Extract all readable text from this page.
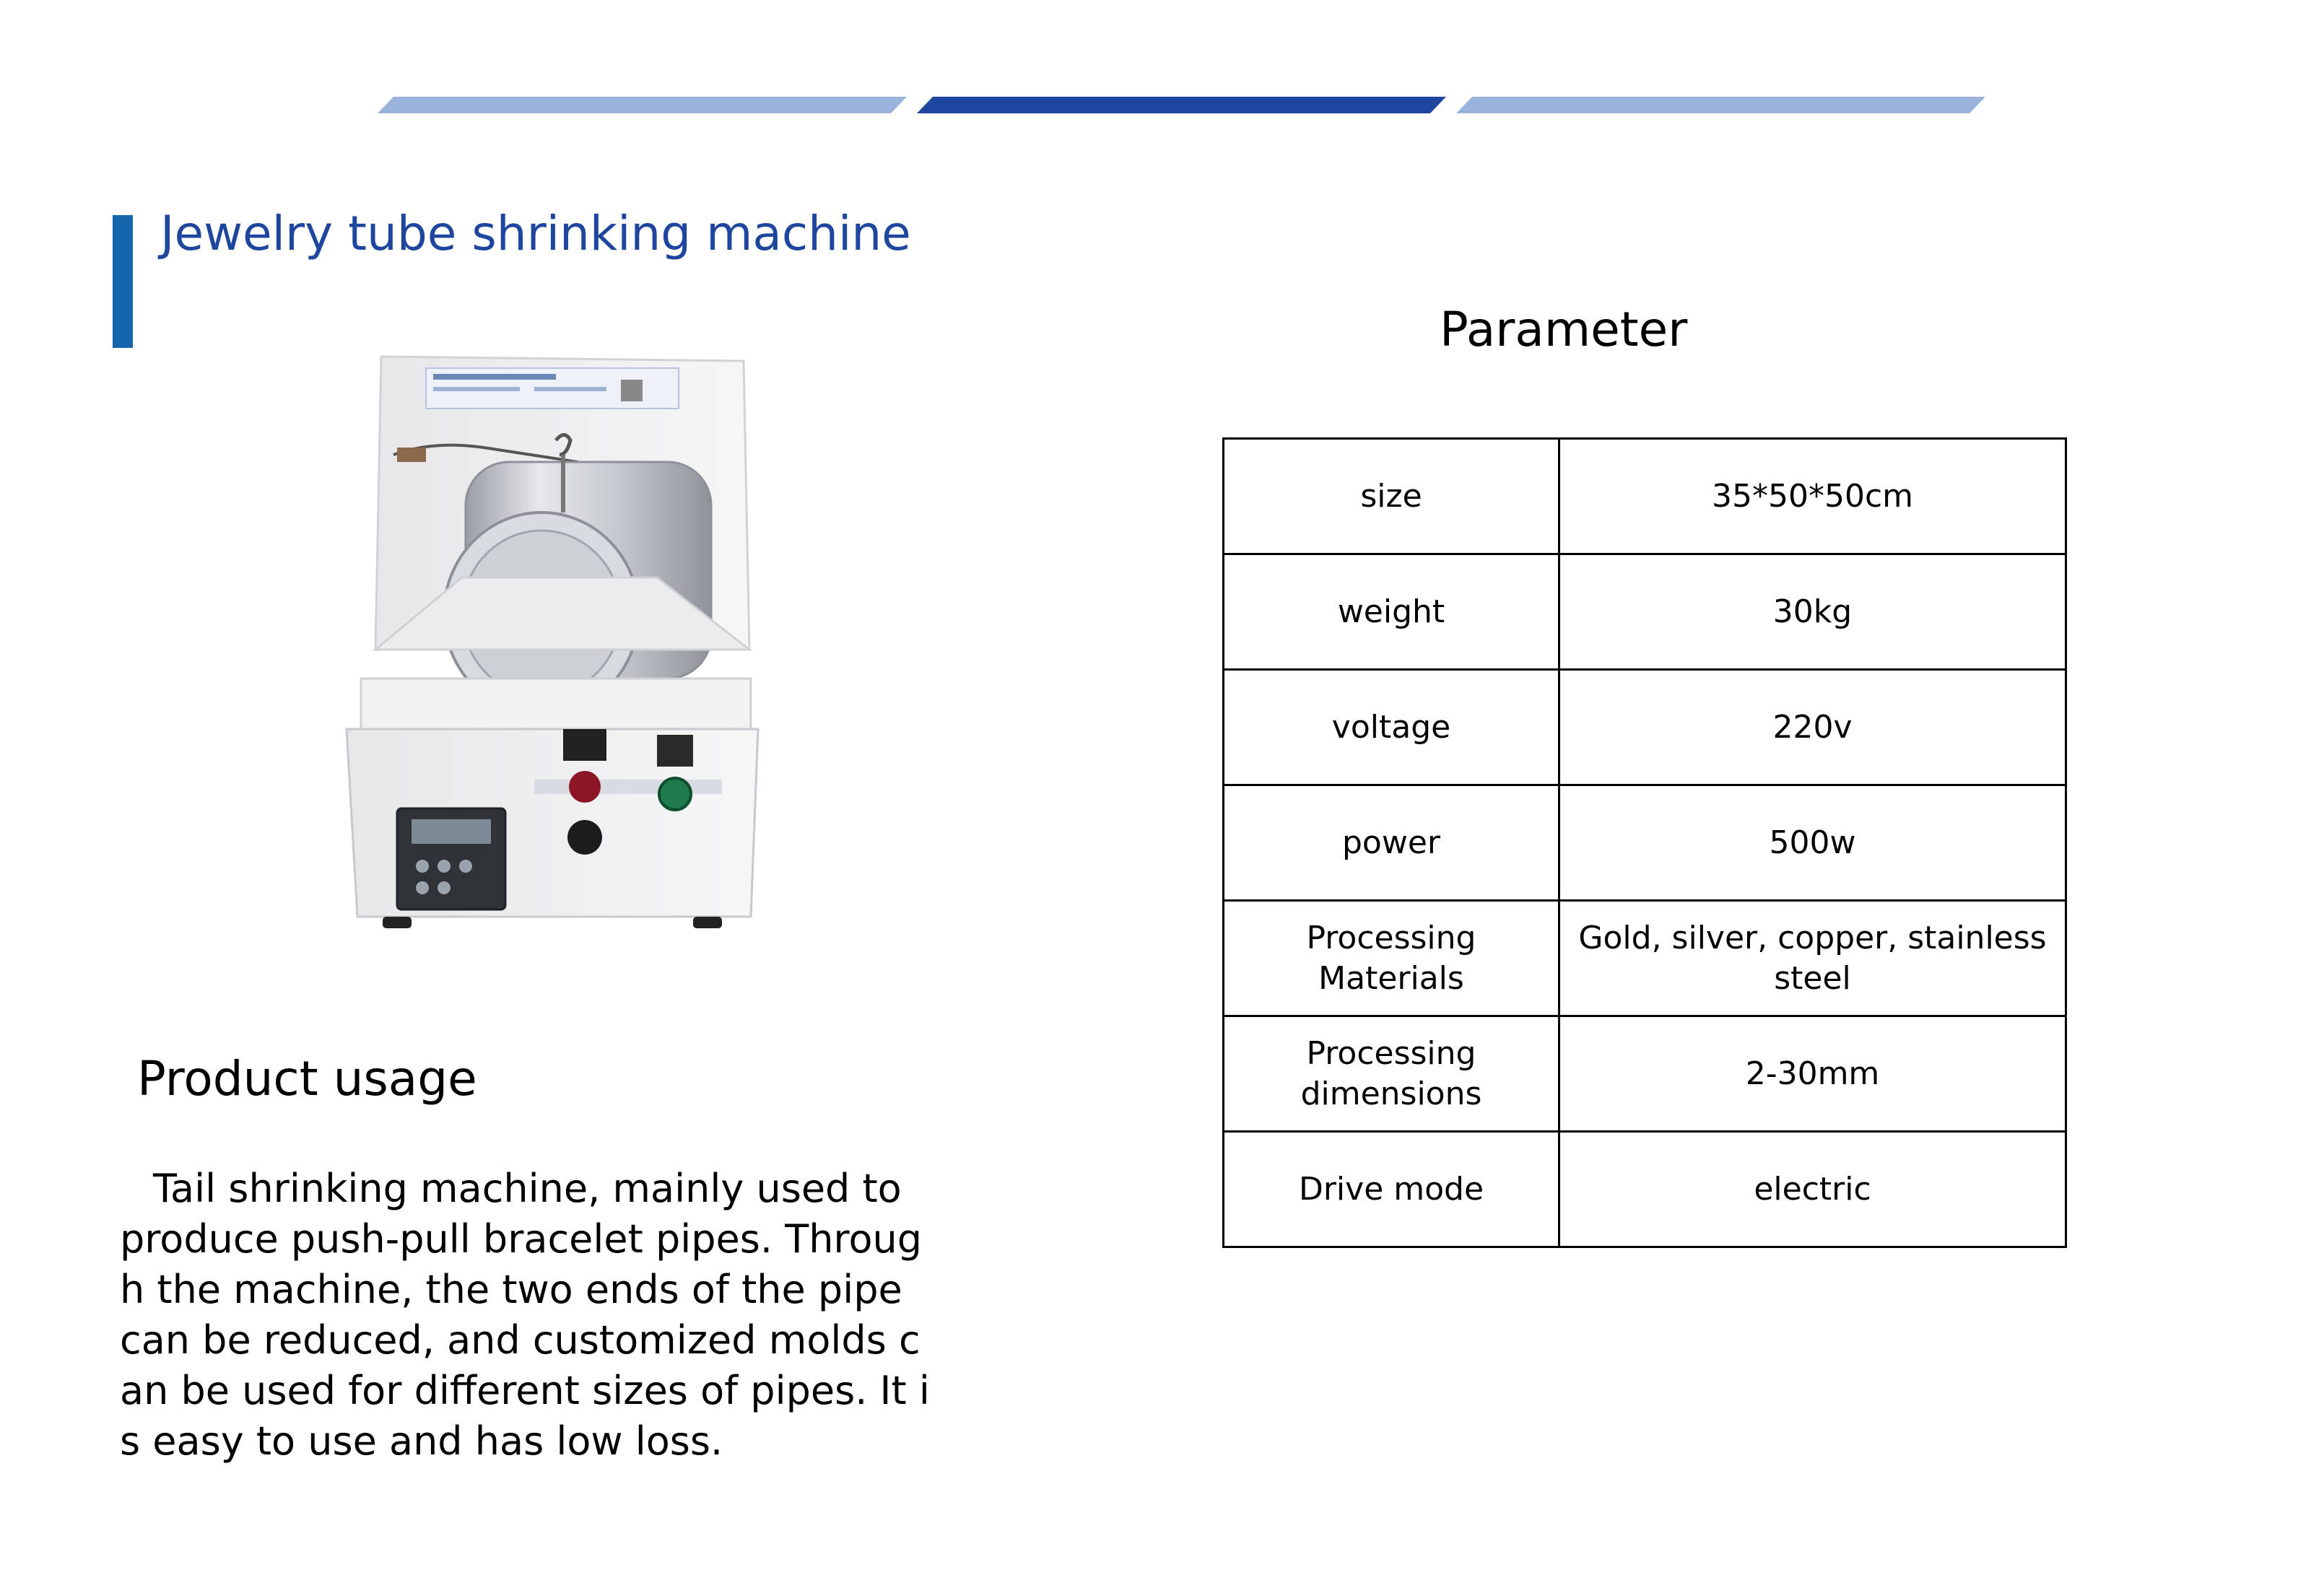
Jewelry tube shrinking machine
Product usage
Tail shrinking machine, mainly used to produce push-pull bracelet pipes. Through the machine, the two ends of the pipe can be reduced, and customized molds can be used for different sizes of pipes. It is easy to use and has low loss.
Parameter
size	35*50*50cm
weight	30kg
voltage	220v
power	500w
Processing Materials	Gold, silver, copper, stainless steel
Processing dimensions	2-30mm
Drive mode	electric
